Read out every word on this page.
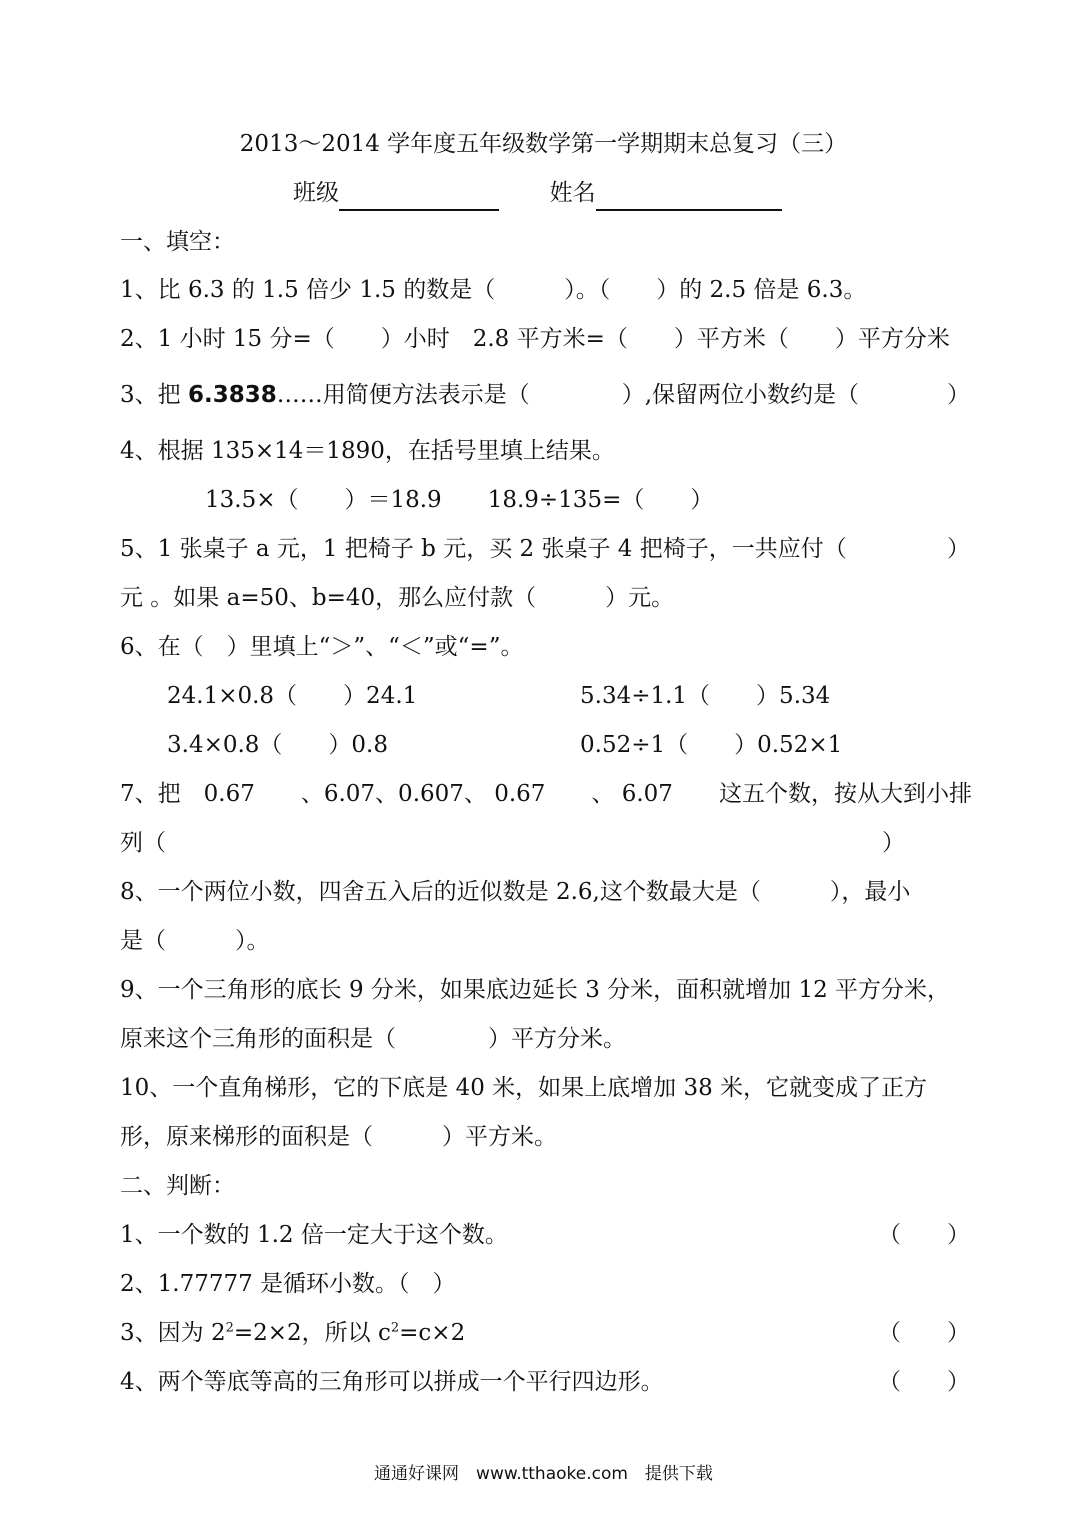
2013～2014 学年度五年级数学第一学期期末总复习（三）
班级	姓名
一、填空：
1、比 6.3 的 1.5 倍少 1.5 的数是（　　　）。（　　）的 2.5 倍是 6.3。
2、1 小时 15 分=（　　）小时　2.8 平方米=（　　）平方米（　　）平方分米
3、把 6.3838……用简便方法表示是（　　　　）,保留两位小数约是（	）
4、根据 135×14＝1890，在括号里填上结果。
13.5×（　　）＝18.9　　18.9÷135=（　　）
5、1 张桌子 a 元，1 把椅子 b 元，买 2 张桌子 4 把椅子，一共应付（	）
元 。如果 a=50、b=40，那么应付款（　　　）元。
6、在（　）里填上“＞”、“＜”或“=”。
24.1×0.8（　　）24.1	5.34÷1.1（　　）5.34
3.4×0.8（　　）0.8	0.52÷1（　　）0.52×1
7、把　0.67　　、6.07、0.607、 0.67　　、 6.07　　这五个数，按从大到小排
列（	）
8、一个两位小数，四舍五入后的近似数是 2.6,这个数最大是（　　　），最小
是（　　　）。
9、一个三角形的底长 9 分米，如果底边延长 3 分米，面积就增加 12 平方分米，
原来这个三角形的面积是（　　　　）平方分米。
10、一个直角梯形，它的下底是 40 米，如果上底增加 38 米，它就变成了正方
形，原来梯形的面积是（　　　）平方米。
二、判断：
1、一个数的 1.2 倍一定大于这个数。	（　　）
2、1.77777 是循环小数。（　）
3、因为 $2^2=2\times 2$，所以 $c^2=c\times 2$	（　　）
4、两个等底等高的三角形可以拼成一个平行四边形。	（　　）
通通好课网　www.tthaoke.com　提供下载
